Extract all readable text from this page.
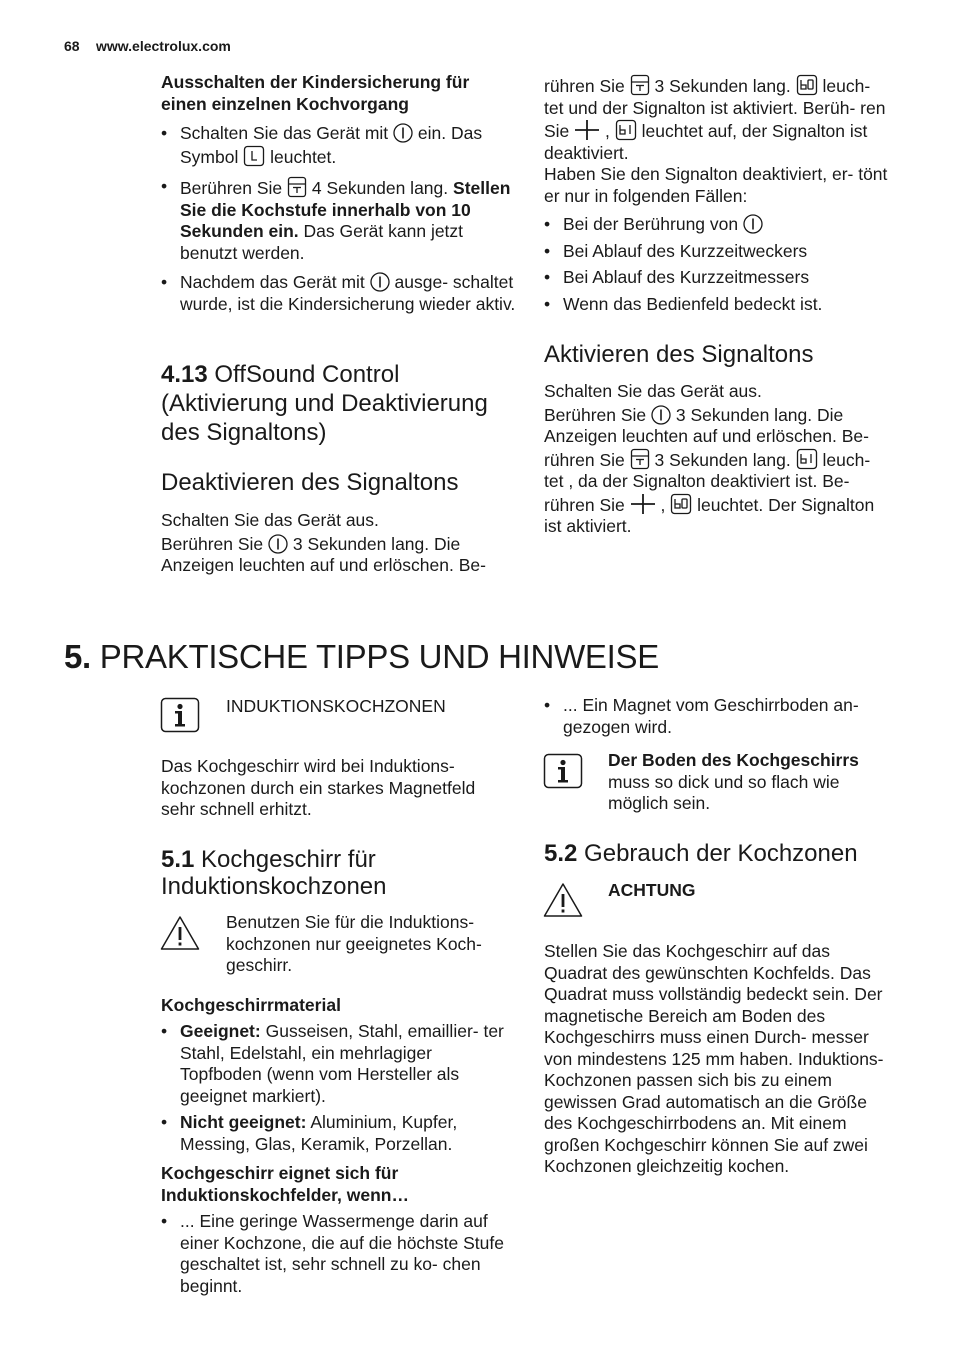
68 www.electrolux.com
Ausschalten der Kindersicherung für einen einzelnen Kochvorgang
• Schalten Sie das Gerät mit ein. Das Symbol leuchtet.
• Berühren Sie 4 Sekunden lang. Stellen Sie die Kochstufe innerhalb von 10 Sekunden ein. Das Gerät kann jetzt benutzt werden.
• Nachdem das Gerät mit ausge- schaltet wurde, ist die Kindersicherung wieder aktiv.
4.13 OffSound Control (Aktivierung und Deaktivierung des Signaltons)
Deaktivieren des Signaltons
Schalten Sie das Gerät aus.
Berühren Sie 3 Sekunden lang. Die Anzeigen leuchten auf und erlöschen. Be-
rühren Sie 3 Sekunden lang. leuch- tet und der Signalton ist aktiviert. Berüh- ren Sie , leuchtet auf, der Signalton ist deaktiviert.
Haben Sie den Signalton deaktiviert, er- tönt er nur in folgenden Fällen:
• Bei der Berührung von
• Bei Ablauf des Kurzzeitweckers
• Bei Ablauf des Kurzzeitmessers
• Wenn das Bedienfeld bedeckt ist.
Aktivieren des Signaltons
Schalten Sie das Gerät aus.
Berühren Sie 3 Sekunden lang. Die Anzeigen leuchten auf und erlöschen. Be- rühren Sie 3 Sekunden lang. leuch- tet , da der Signalton deaktiviert ist. Be- rühren Sie , leuchtet. Der Signalton ist aktiviert.
5. PRAKTISCHE TIPPS UND HINWEISE
INDUKTIONSKOCHZONEN
Das Kochgeschirr wird bei Induktions- kochzonen durch ein starkes Magnetfeld sehr schnell erhitzt.
5.1 Kochgeschirr für Induktionskochzonen
Benutzen Sie für die Induktions- kochzonen nur geeignetes Koch- geschirr.
Kochgeschirrmaterial
• Geeignet: Gusseisen, Stahl, emaillier- ter Stahl, Edelstahl, ein mehrlagiger Topfboden (wenn vom Hersteller als geeignet markiert).
• Nicht geeignet: Aluminium, Kupfer, Messing, Glas, Keramik, Porzellan.
Kochgeschirr eignet sich für Induktionskochfelder, wenn…
• ... Eine geringe Wassermenge darin auf einer Kochzone, die auf die höchste Stufe geschaltet ist, sehr schnell zu ko- chen beginnt.
• ... Ein Magnet vom Geschirrboden an- gezogen wird.
Der Boden des Kochgeschirrs muss so dick und so flach wie möglich sein.
5.2 Gebrauch der Kochzonen
ACHTUNG
Stellen Sie das Kochgeschirr auf das Quadrat des gewünschten Kochfelds. Das Quadrat muss vollständig bedeckt sein. Der magnetische Bereich am Boden des Kochgeschirrs muss einen Durch- messer von mindestens 125 mm haben. Induktions-Kochzonen passen sich bis zu einem gewissen Grad automatisch an die Größe des Kochgeschirrbodens an. Mit einem großen Kochgeschirr können Sie auf zwei Kochzonen gleichzeitig kochen.
